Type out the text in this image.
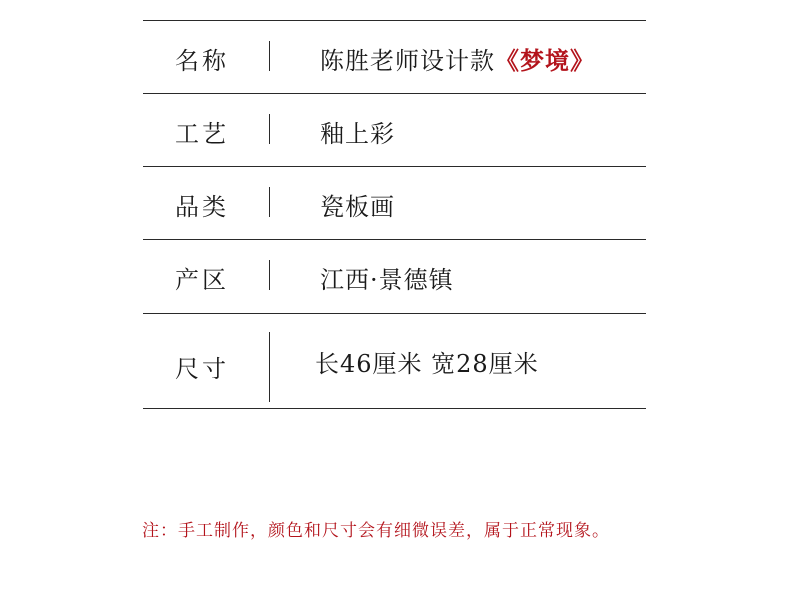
名称	陈胜老师设计款《梦境》
工艺	釉上彩
品类	瓷板画
产区	江西·景德镇
尺寸	长46厘米 宽28厘米
注：手工制作，颜色和尺寸会有细微误差，属于正常现象。
